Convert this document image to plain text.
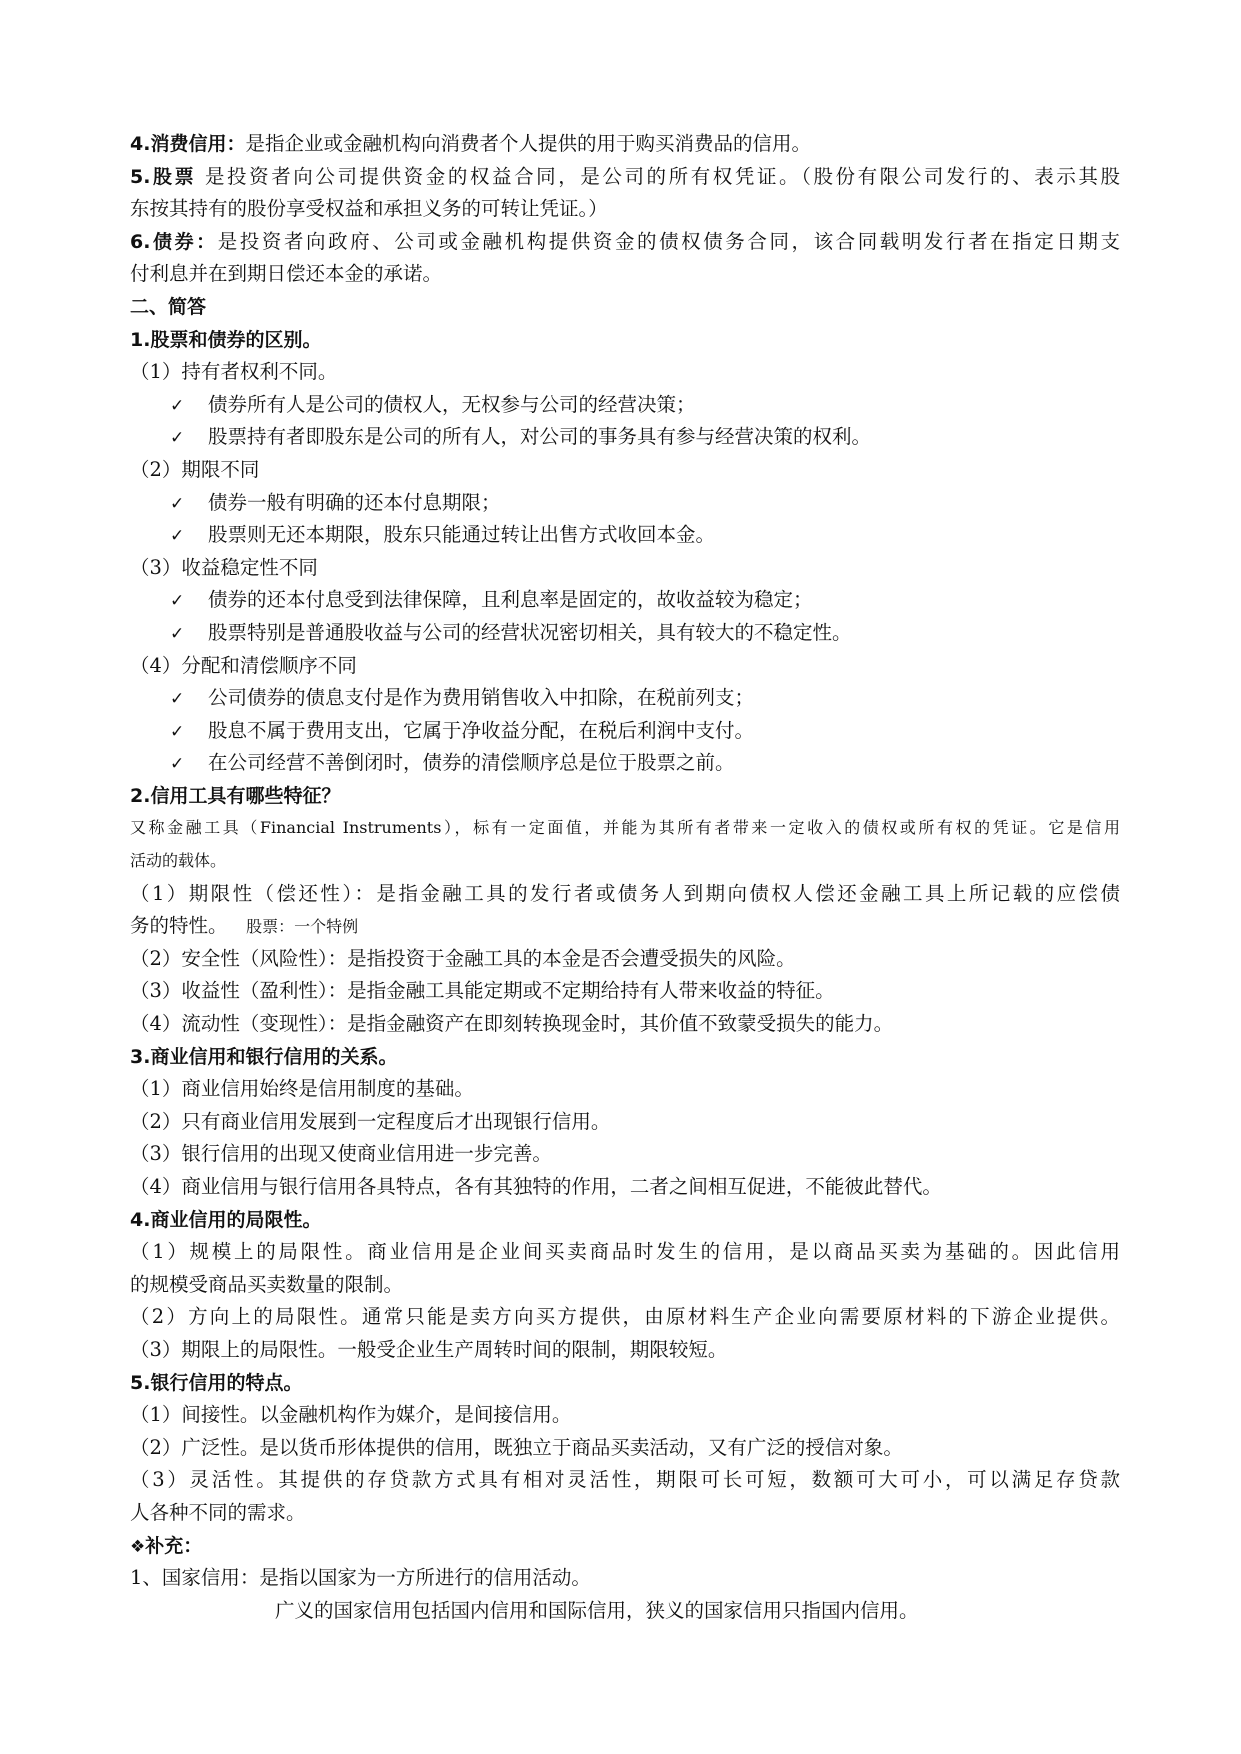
4.消费信用：是指企业或金融机构向消费者个人提供的用于购买消费品的信用。
5.股票 是投资者向公司提供资金的权益合同，是公司的所有权凭证。（股份有限公司发行的、表示其股
东按其持有的股份享受权益和承担义务的可转让凭证。）
6.债券：是投资者向政府、公司或金融机构提供资金的债权债务合同，该合同载明发行者在指定日期支
付利息并在到期日偿还本金的承诺。
二、简答
1.股票和债券的区别。
（1）持有者权利不同。
✓ 债券所有人是公司的债权人，无权参与公司的经营决策；
✓ 股票持有者即股东是公司的所有人，对公司的事务具有参与经营决策的权利。
（2）期限不同
✓ 债券一般有明确的还本付息期限；
✓ 股票则无还本期限，股东只能通过转让出售方式收回本金。
（3）收益稳定性不同
✓ 债券的还本付息受到法律保障，且利息率是固定的，故收益较为稳定；
✓ 股票特别是普通股收益与公司的经营状况密切相关，具有较大的不稳定性。
（4）分配和清偿顺序不同
✓ 公司债券的债息支付是作为费用销售收入中扣除，在税前列支；
✓ 股息不属于费用支出，它属于净收益分配，在税后利润中支付。
✓ 在公司经营不善倒闭时，债券的清偿顺序总是位于股票之前。
2.信用工具有哪些特征？
又称金融工具（Financial Instruments），标有一定面值，并能为其所有者带来一定收入的债权或所有权的凭证。它是信用
活动的载体。
（1）期限性（偿还性）：是指金融工具的发行者或债务人到期向债权人偿还金融工具上所记载的应偿债
务的特性。 股票：一个特例
（2）安全性（风险性）：是指投资于金融工具的本金是否会遭受损失的风险。
（3）收益性（盈利性）：是指金融工具能定期或不定期给持有人带来收益的特征。
（4）流动性（变现性）：是指金融资产在即刻转换现金时，其价值不致蒙受损失的能力。
3.商业信用和银行信用的关系。
（1）商业信用始终是信用制度的基础。
（2）只有商业信用发展到一定程度后才出现银行信用。
（3）银行信用的出现又使商业信用进一步完善。
（4）商业信用与银行信用各具特点，各有其独特的作用，二者之间相互促进，不能彼此替代。
4.商业信用的局限性。
（1）规模上的局限性。商业信用是企业间买卖商品时发生的信用，是以商品买卖为基础的。因此信用
的规模受商品买卖数量的限制。
（2）方向上的局限性。通常只能是卖方向买方提供，由原材料生产企业向需要原材料的下游企业提供。
（3）期限上的局限性。一般受企业生产周转时间的限制，期限较短。
5.银行信用的特点。
（1）间接性。以金融机构作为媒介，是间接信用。
（2）广泛性。是以货币形体提供的信用，既独立于商品买卖活动，又有广泛的授信对象。
（3）灵活性。其提供的存贷款方式具有相对灵活性，期限可长可短，数额可大可小，可以满足存贷款
人各种不同的需求。
❖补充：
1、国家信用：是指以国家为一方所进行的信用活动。
广义的国家信用包括国内信用和国际信用，狭义的国家信用只指国内信用。
